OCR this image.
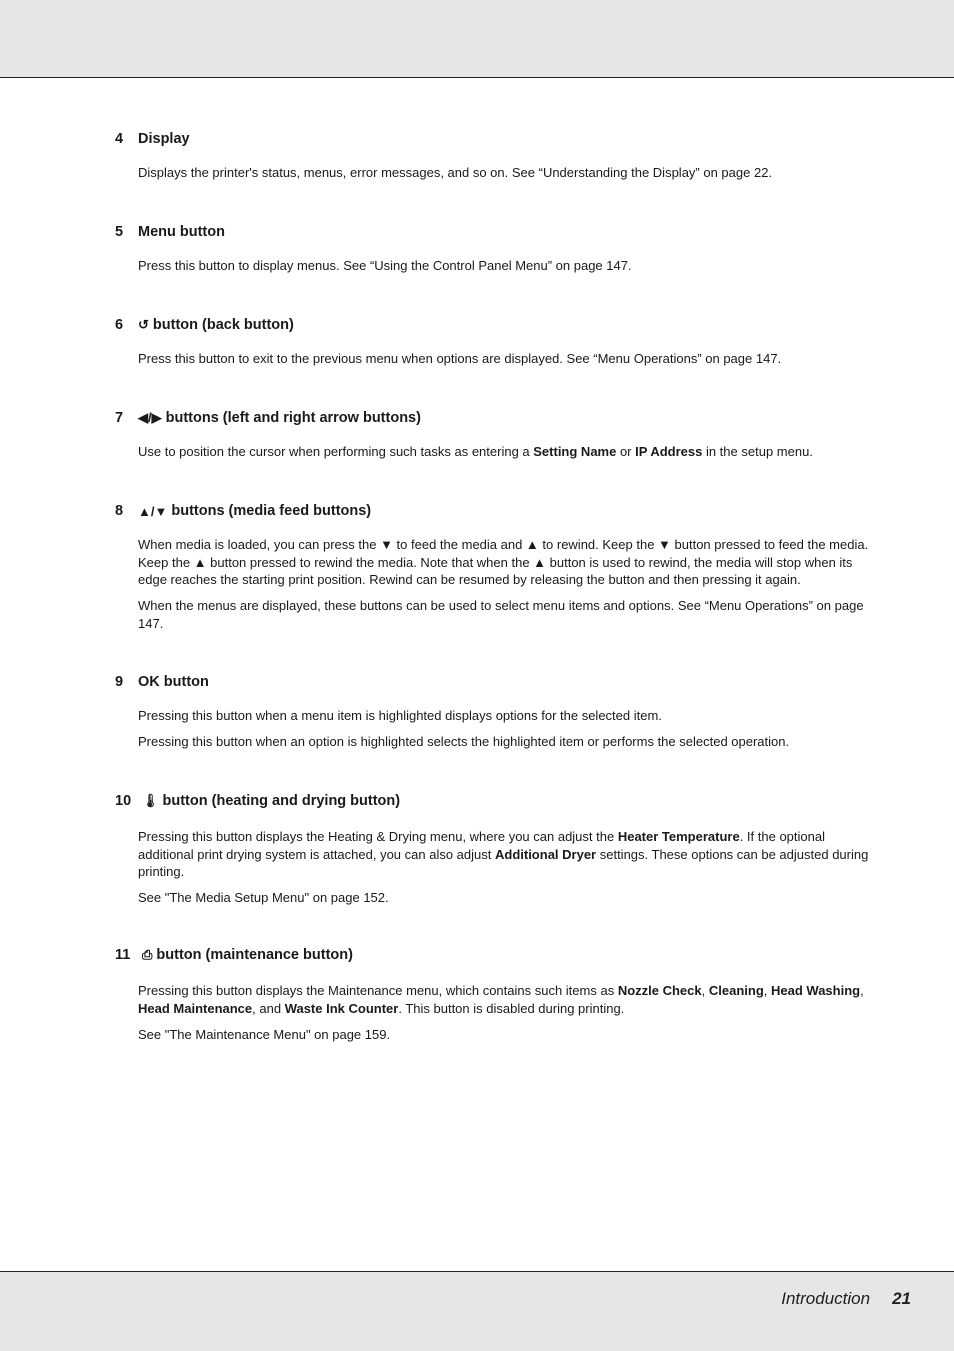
4	Display

Displays the printer's status, menus, error messages, and so on. See “Understanding the Display” on page 22.

5	Menu button

Press this button to display menus. See “Using the Control Panel Menu” on page 147.

6	↺ button (back button)

Press this button to exit to the previous menu when options are displayed. See “Menu Operations” on page 147.

7	◀/▶ buttons (left and right arrow buttons)

Use to position the cursor when performing such tasks as entering a Setting Name or IP Address in the setup menu.

8	▲/▼ buttons (media feed buttons)

When media is loaded, you can press the ▼ to feed the media and ▲ to rewind. Keep the ▼ button pressed to feed the media. Keep the ▲ button pressed to rewind the media. Note that when the ▲ button is used to rewind, the media will stop when its edge reaches the starting print position. Rewind can be resumed by releasing the button and then pressing it again.

When the menus are displayed, these buttons can be used to select menu items and options. See “Menu Operations” on page 147.

9	OK button

Pressing this button when a menu item is highlighted displays options for the selected item.

Pressing this button when an option is highlighted selects the highlighted item or performs the selected operation.

10 🌡 button (heating and drying button)

Pressing this button displays the Heating & Drying menu, where you can adjust the Heater Temperature. If the optional additional print drying system is attached, you can also adjust Additional Dryer settings. These options can be adjusted during printing.

See "The Media Setup Menu" on page 152.

11 ⎙ button (maintenance button)

Pressing this button displays the Maintenance menu, which contains such items as Nozzle Check, Cleaning, Head Washing, Head Maintenance, and Waste Ink Counter. This button is disabled during printing.

See "The Maintenance Menu" on page 159.

Introduction 21
